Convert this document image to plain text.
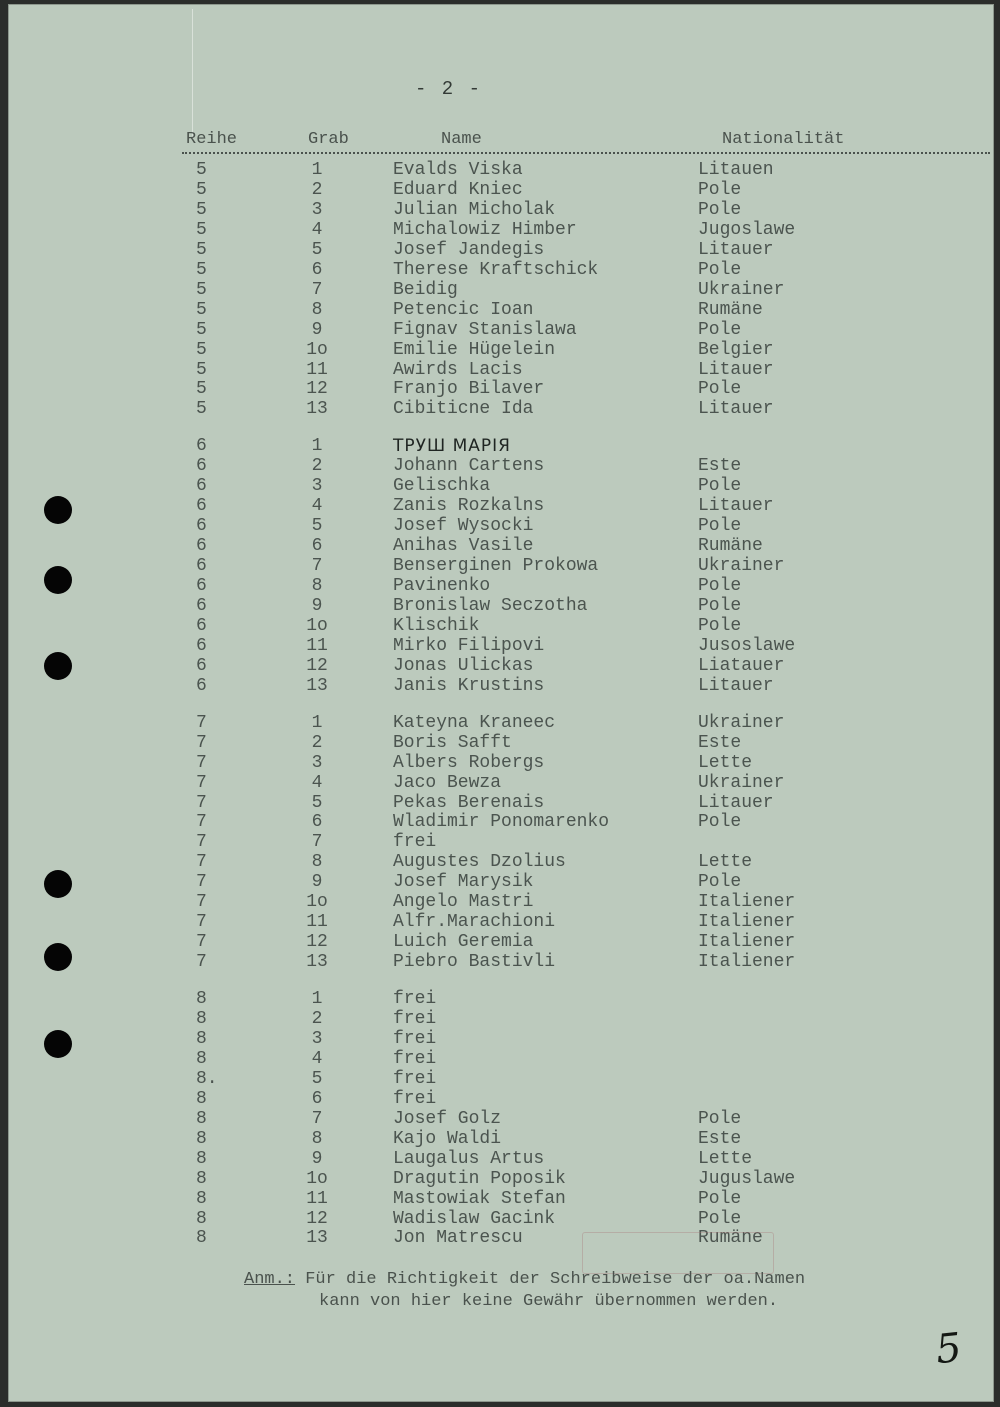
- 2 -
Reihe	Grab	Name	Nationalität
5	1	Evalds Viska	Litauen
5	2	Eduard Kniec	Pole
5	3	Julian Micholak	Pole
5	4	Michalowiz Himber	Jugoslawe
5	5	Josef Jandegis	Litauer
5	6	Therese Kraftschick	Pole
5	7	Beidig	Ukrainer
5	8	Petencic Ioan	Rumäne
5	9	Fignav Stanislawa	Pole
5	1o	Emilie Hügelein	Belgier
5	11	Awirds Lacis	Litauer
5	12	Franjo Bilaver	Pole
5	13	Cibiticne Ida	Litauer
6	1	ТРУШ МАРІЯ
6	2	Johann Cartens	Este
6	3	Gelischka	Pole
6	4	Zanis Rozkalns	Litauer
6	5	Josef Wysocki	Pole
6	6	Anihas Vasile	Rumäne
6	7	Benserginen Prokowa	Ukrainer
6	8	Pavinenko	Pole
6	9	Bronislaw Seczotha	Pole
6	1o	Klischik	Pole
6	11	Mirko Filipovi	Jusoslawe
6	12	Jonas Ulickas	Liatauer
6	13	Janis Krustins	Litauer
7	1	Kateyna Kraneec	Ukrainer
7	2	Boris Safft	Este
7	3	Albers Robergs	Lette
7	4	Jaco Bewza	Ukrainer
7	5	Pekas Berenais	Litauer
7	6	Wladimir Ponomarenko	Pole
7	7	frei
7	8	Augustes Dzolius	Lette
7	9	Josef Marysik	Pole
7	1o	Angelo Mastri	Italiener
7	11	Alfr.Marachioni	Italiener
7	12	Luich Geremia	Italiener
7	13	Piebro Bastivli	Italiener
8	1	frei
8	2	frei
8	3	frei
8	4	frei
8.	5	frei
8	6	frei
8	7	Josef Golz	Pole
8	8	Kajo Waldi	Este
8	9	Laugalus Artus	Lette
8	1o	Dragutin Poposik	Juguslawe
8	11	Mastowiak Stefan	Pole
8	12	Wadislaw Gacink	Pole
8	13	Jon Matrescu	Rumäne
Anm.: Für die Richtigkeit der Schreibweise der oa.Namen
kann von hier keine Gewähr übernommen werden.
5
